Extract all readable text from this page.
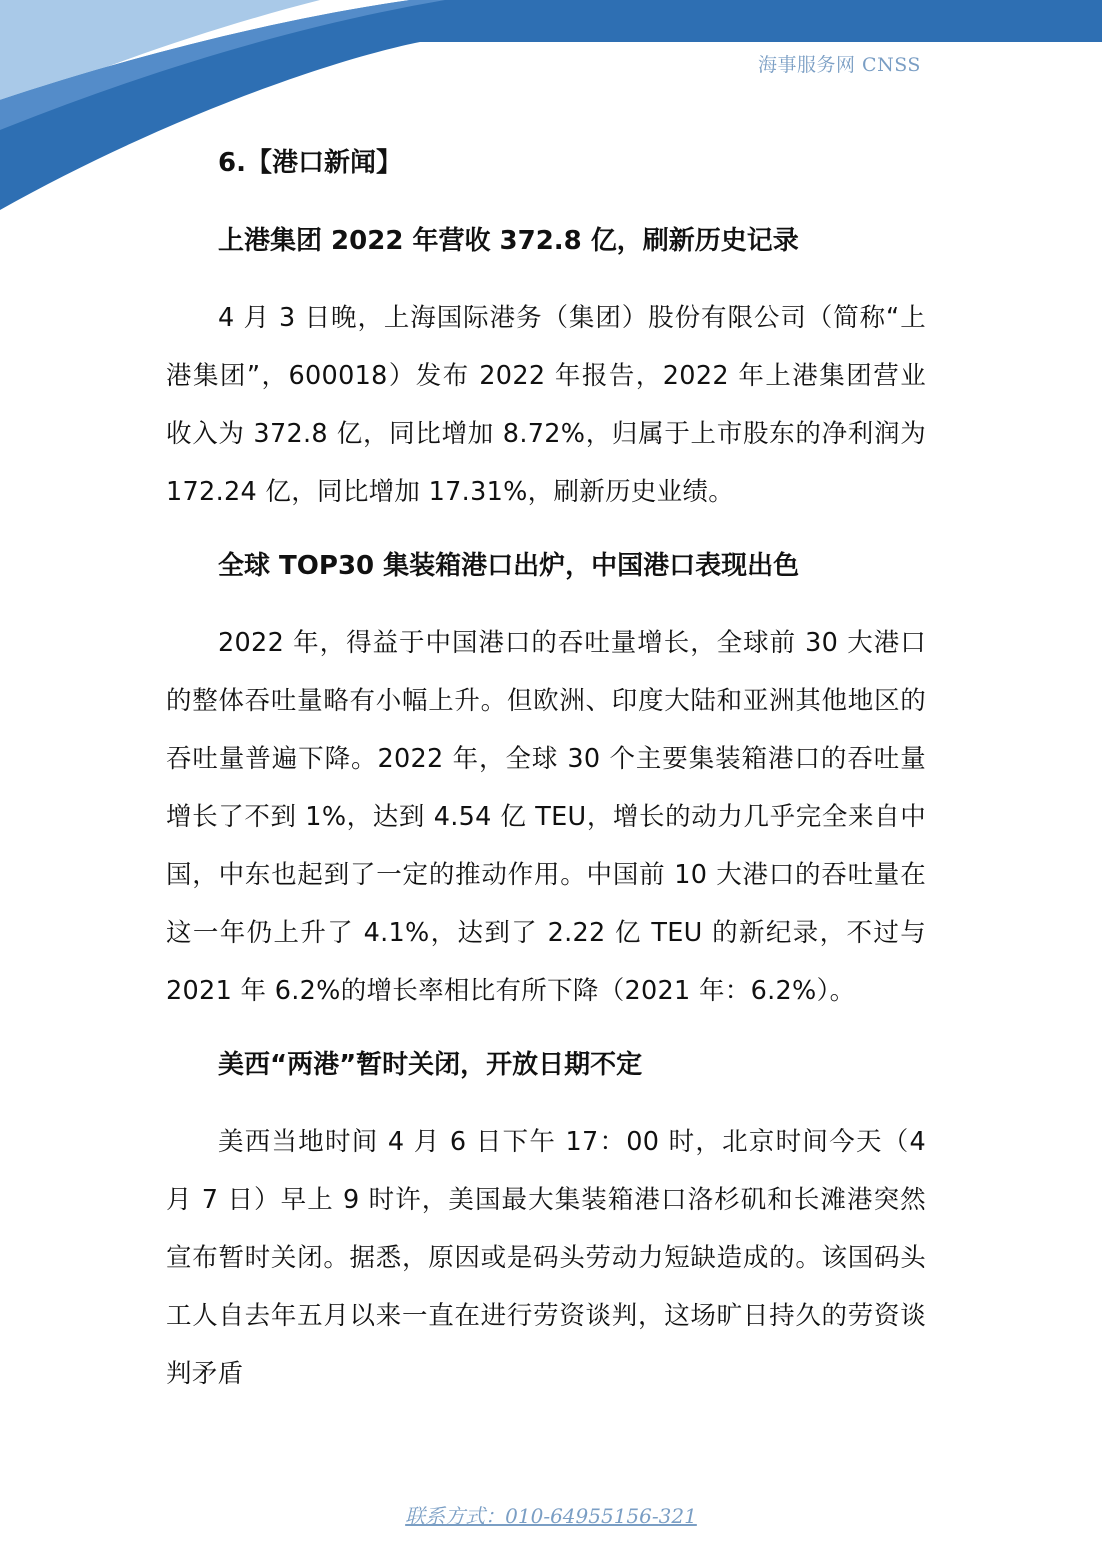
海事服务网 CNSS
6.【港口新闻】
上港集团 2022 年营收 372.8 亿，刷新历史记录

4 月 3 日晚，上海国际港务（集团）股份有限公司（简称“上港集团”，600018）发布 2022 年报告，2022 年上港集团营业收入为 372.8 亿，同比增加 8.72%，归属于上市股东的净利润为 172.24 亿，同比增加 17.31%，刷新历史业绩。

全球 TOP30 集装箱港口出炉，中国港口表现出色

2022 年，得益于中国港口的吞吐量增长，全球前 30 大港口的整体吞吐量略有小幅上升。但欧洲、印度大陆和亚洲其他地区的吞吐量普遍下降。2022 年，全球 30 个主要集装箱港口的吞吐量增长了不到 1%，达到 4.54 亿 TEU，增长的动力几乎完全来自中国，中东也起到了一定的推动作用。中国前 10 大港口的吞吐量在这一年仍上升了 4.1%，达到了 2.22 亿 TEU 的新纪录，不过与 2021 年 6.2%的增长率相比有所下降（2021 年：6.2%）。

美西“两港”暂时关闭，开放日期不定

美西当地时间 4 月 6 日下午 17：00 时，北京时间今天（4 月 7 日）早上 9 时许，美国最大集装箱港口洛杉矶和长滩港突然宣布暂时关闭。据悉，原因或是码头劳动力短缺造成的。该国码头工人自去年五月以来一直在进行劳资谈判，这场旷日持久的劳资谈判矛盾

联系方式：010-64955156-321
